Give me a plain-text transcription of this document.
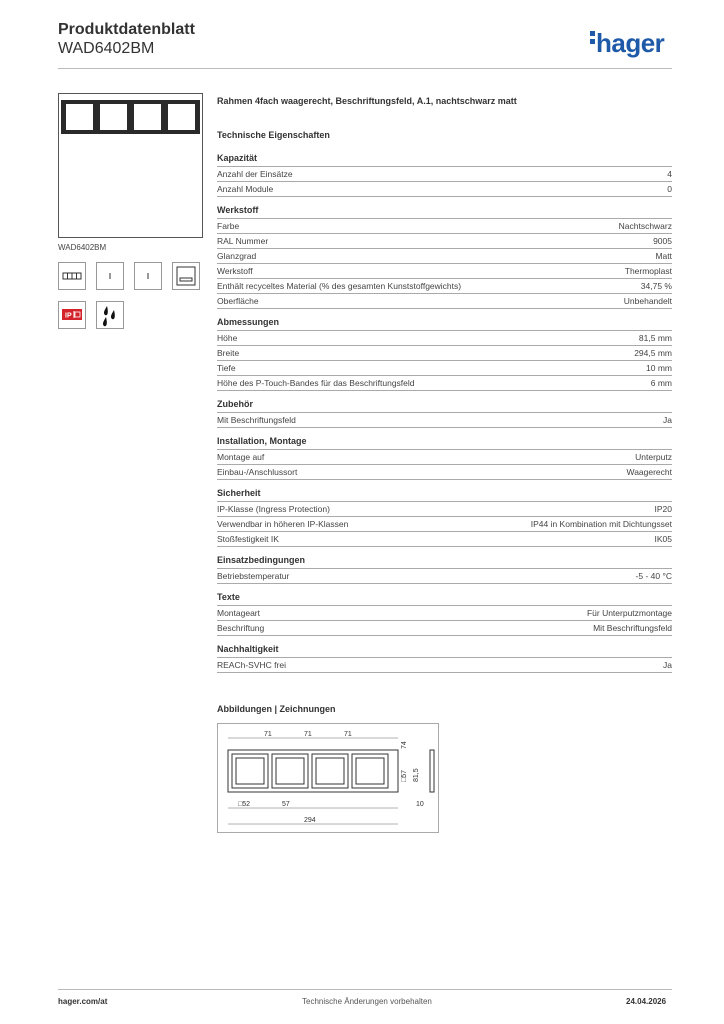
Produktdatenblatt
WAD6402BM	hager
WAD6402BM
IP
Rahmen 4fach waagerecht, Beschriftungsfeld, A.1, nachtschwarz matt
Technische Eigenschaften
Kapazität
Anzahl der Einsätze	4
Anzahl Module	0
Werkstoff
Farbe	Nachtschwarz
RAL Nummer	9005
Glanzgrad	Matt
Werkstoff	Thermoplast
Enthält recyceltes Material (% des gesamten Kunststoffgewichts)	34,75 %
Oberfläche	Unbehandelt
Abmessungen
Höhe	81,5 mm
Breite	294,5 mm
Tiefe	10 mm
Höhe des P-Touch-Bandes für das Beschriftungsfeld	6 mm
Zubehör
Mit Beschriftungsfeld	Ja
Installation, Montage
Montage auf	Unterputz
Einbau-/Anschlussort	Waagerecht
Sicherheit
IP-Klasse (Ingress Protection)	IP20
Verwendbar in höheren IP-Klassen	IP44 in Kombination mit Dichtungsset
Stoßfestigkeit IK	IK05
Einsatzbedingungen
Betriebstemperatur	-5 - 40 °C
Texte
Montageart	Für Unterputzmontage
Beschriftung	Mit Beschriftungsfeld
Nachhaltigkeit
REACh-SVHC frei	Ja
Abbildungen | Zeichnungen
71	71	71
74
□57 81,5
□52	57	10
294
hager.com/at	Technische Änderungen vorbehalten	24.04.2026
